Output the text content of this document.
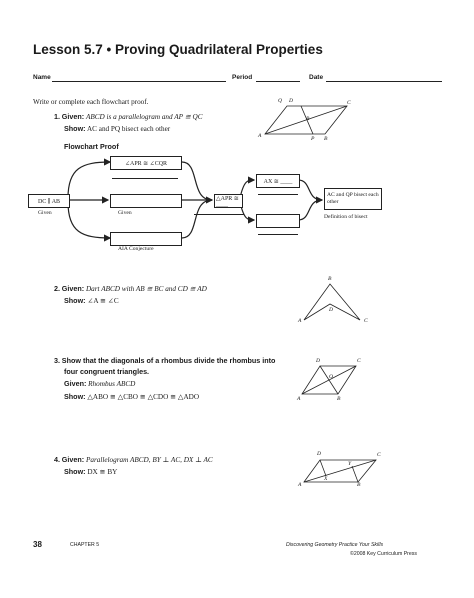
Lesson 5.7 • Proving Quadrilateral Properties
Name	Period	Date
Write or complete each flowchart proof.
1. Given: ABCD is a parallelogram and AP ≅ QC
Show: AC and PQ bisect each other
Flowchart Proof
Q D	C
A	P B
R
DC ∥ AB
Given	Given
∠APR ≅ ∠CQR
AIA Conjecture
△APR ≅ ____
AX ≅ ____
AC and QP bisect each other
Definition of bisect
2. Given: Dart ABCD with AB ≅ BC and CD ≅ AD
Show: ∠A ≅ ∠C
B
D
A	C
3. Show that the diagonals of a rhombus divide the rhombus into
four congruent triangles.
Given: Rhombus ABCD
Show: △ABO ≅ △CBO ≅ △CDO ≅ △ADO
D	C
O
A	B
4. Given: Parallelogram ABCD, BY ⊥ AC, DX ⊥ AC
Show: DX ≅ BY
D	C
Y
X
A	B
38	CHAPTER 5	Discovering Geometry Practice Your Skills
©2008 Key Curriculum Press
